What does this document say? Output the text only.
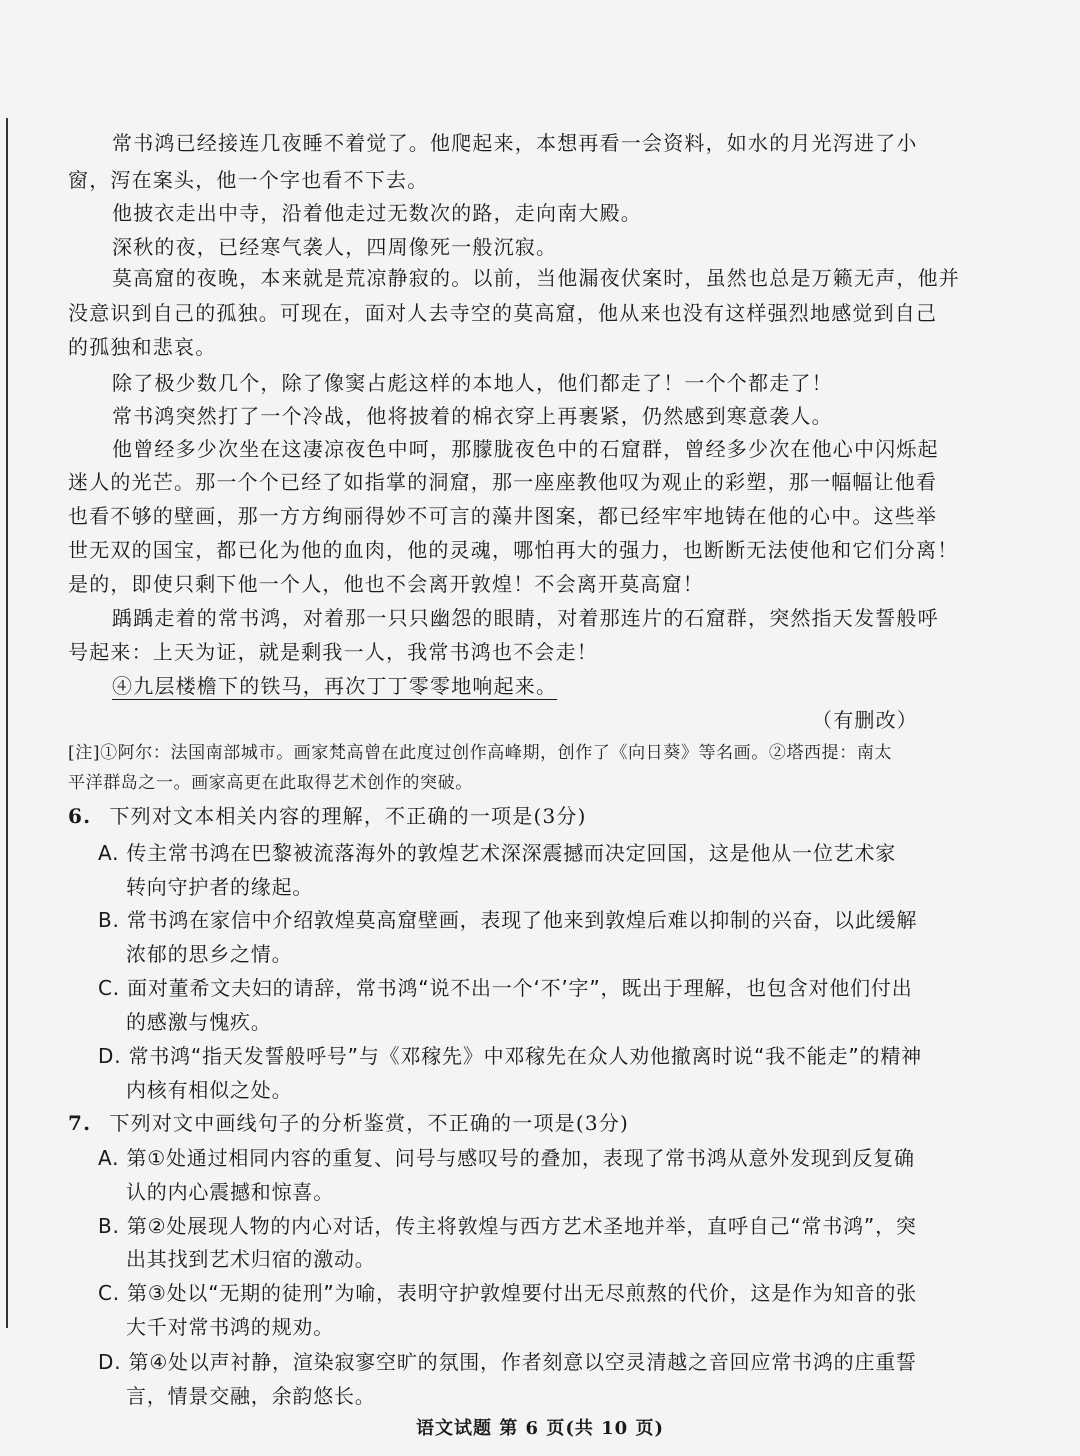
常书鸿已经接连几夜睡不着觉了。他爬起来，本想再看一会资料，如水的月光泻进了小
窗，泻在案头，他一个字也看不下去。
他披衣走出中寺，沿着他走过无数次的路，走向南大殿。
深秋的夜，已经寒气袭人，四周像死一般沉寂。
莫高窟的夜晚，本来就是荒凉静寂的。以前，当他漏夜伏案时，虽然也总是万籁无声，他并
没意识到自己的孤独。可现在，面对人去寺空的莫高窟，他从来也没有这样强烈地感觉到自己
的孤独和悲哀。
除了极少数几个，除了像窦占彪这样的本地人，他们都走了！一个个都走了！
常书鸿突然打了一个冷战，他将披着的棉衣穿上再裹紧，仍然感到寒意袭人。
他曾经多少次坐在这凄凉夜色中呵，那朦胧夜色中的石窟群，曾经多少次在他心中闪烁起
迷人的光芒。那一个个已经了如指掌的洞窟，那一座座教他叹为观止的彩塑，那一幅幅让他看
也看不够的壁画，那一方方绚丽得妙不可言的藻井图案，都已经牢牢地铸在他的心中。这些举
世无双的国宝，都已化为他的血肉，他的灵魂，哪怕再大的强力，也断断无法使他和它们分离！
是的，即使只剩下他一个人，他也不会离开敦煌！不会离开莫高窟！
踽踽走着的常书鸿，对着那一只只幽怨的眼睛，对着那连片的石窟群，突然指天发誓般呼
号起来：上天为证，就是剩我一人，我常书鸿也不会走！
④九层楼檐下的铁马，再次丁丁零零地响起来。
（有删改）
[注]①阿尔：法国南部城市。画家梵高曾在此度过创作高峰期，创作了《向日葵》等名画。②塔西提：南太
平洋群岛之一。画家高更在此取得艺术创作的突破。
6. 下列对文本相关内容的理解，不正确的一项是(3分)
A. 传主常书鸿在巴黎被流落海外的敦煌艺术深深震撼而决定回国，这是他从一位艺术家
转向守护者的缘起。
B. 常书鸿在家信中介绍敦煌莫高窟壁画，表现了他来到敦煌后难以抑制的兴奋，以此缓解
浓郁的思乡之情。
C. 面对董希文夫妇的请辞，常书鸿“说不出一个‘不’字”，既出于理解，也包含对他们付出
的感激与愧疚。
D. 常书鸿“指天发誓般呼号”与《邓稼先》中邓稼先在众人劝他撤离时说“我不能走”的精神
内核有相似之处。
7. 下列对文中画线句子的分析鉴赏，不正确的一项是(3分)
A. 第①处通过相同内容的重复、问号与感叹号的叠加，表现了常书鸿从意外发现到反复确
认的内心震撼和惊喜。
B. 第②处展现人物的内心对话，传主将敦煌与西方艺术圣地并举，直呼自己“常书鸿”，突
出其找到艺术归宿的激动。
C. 第③处以“无期的徒刑”为喻，表明守护敦煌要付出无尽煎熬的代价，这是作为知音的张
大千对常书鸿的规劝。
D. 第④处以声衬静，渲染寂寥空旷的氛围，作者刻意以空灵清越之音回应常书鸿的庄重誓
言，情景交融，余韵悠长。
语文试题 第 6 页(共 10 页)
